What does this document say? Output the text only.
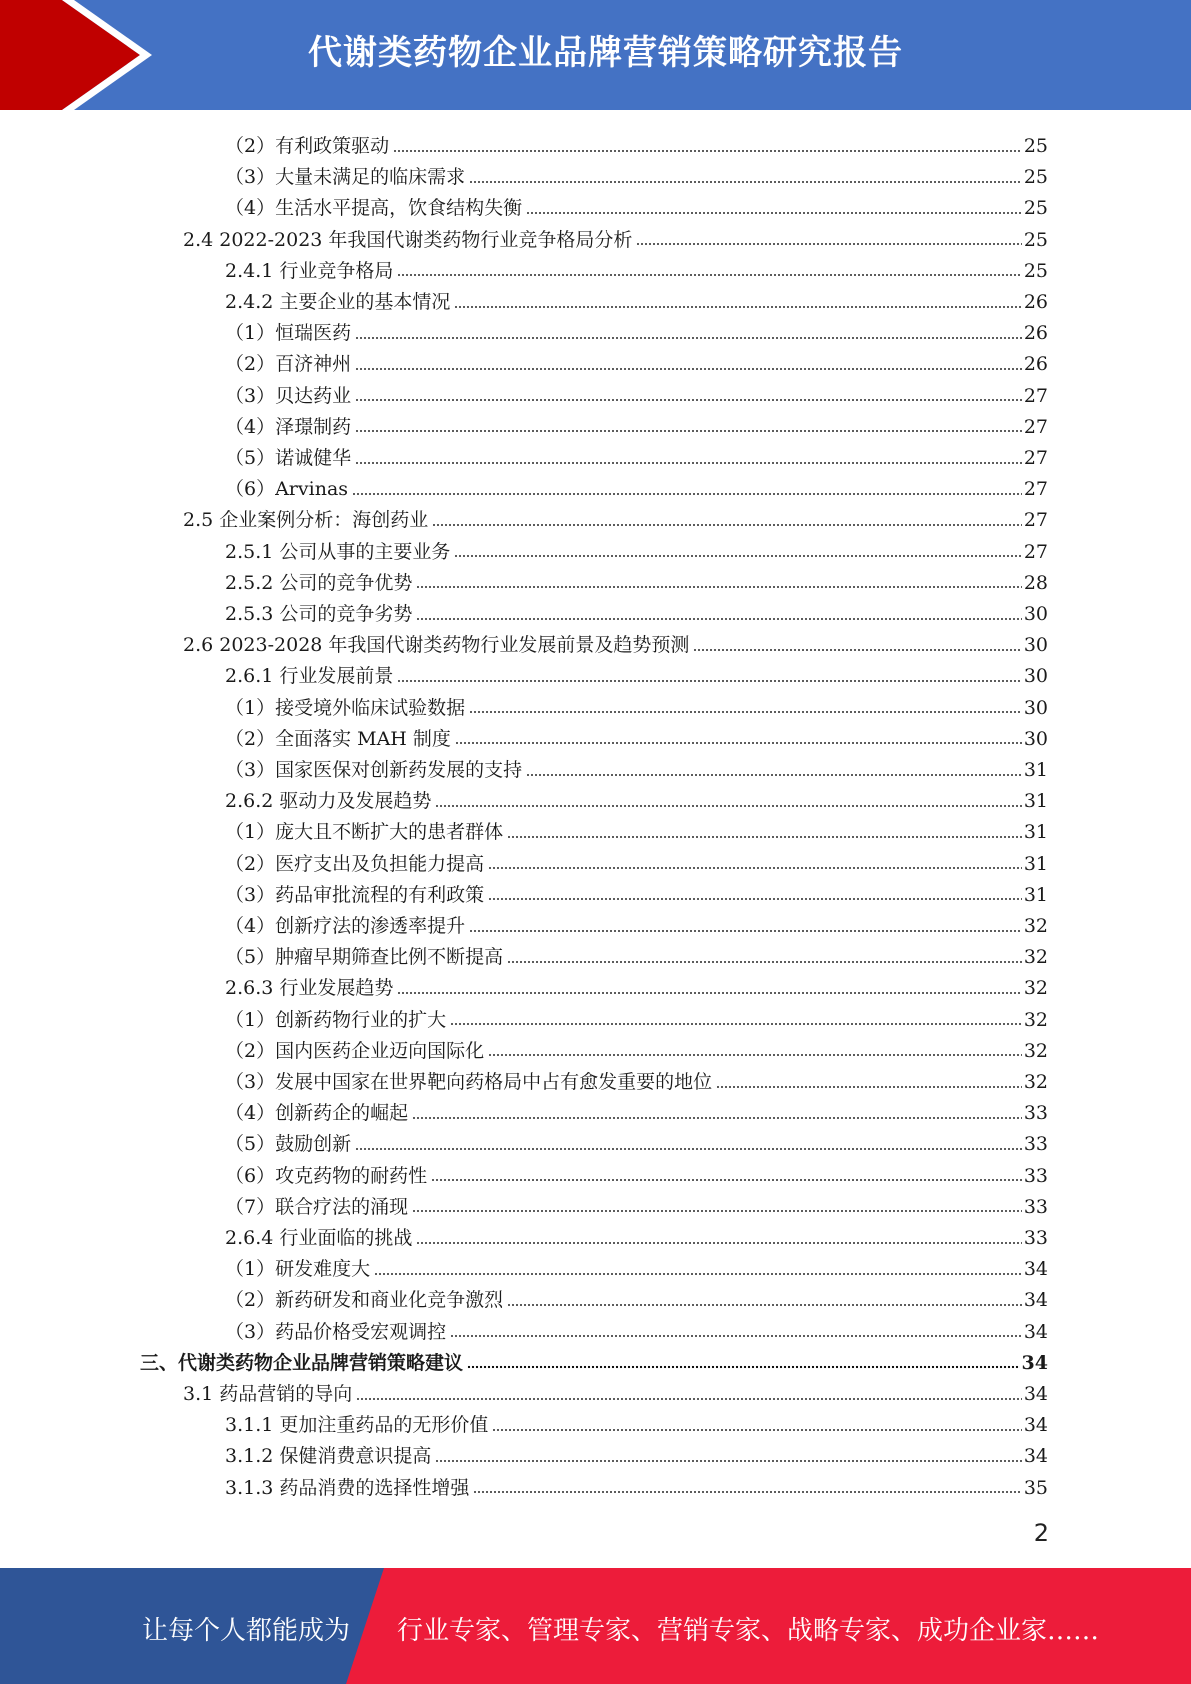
代谢类药物企业品牌营销策略研究报告
（2）有利政策驱动	25
（3）大量未满足的临床需求	25
（4）生活水平提高，饮食结构失衡	25
2.4 2022-2023 年我国代谢类药物行业竞争格局分析	25
2.4.1 行业竞争格局	25
2.4.2 主要企业的基本情况	26
（1）恒瑞医药	26
（2）百济神州	26
（3）贝达药业	27
（4）泽璟制药	27
（5）诺诚健华	27
（6）Arvinas	27
2.5 企业案例分析：海创药业	27
2.5.1 公司从事的主要业务	27
2.5.2 公司的竞争优势	28
2.5.3 公司的竞争劣势	30
2.6 2023-2028 年我国代谢类药物行业发展前景及趋势预测	30
2.6.1 行业发展前景	30
（1）接受境外临床试验数据	30
（2）全面落实 MAH 制度	30
（3）国家医保对创新药发展的支持	31
2.6.2 驱动力及发展趋势	31
（1）庞大且不断扩大的患者群体	31
（2）医疗支出及负担能力提高	31
（3）药品审批流程的有利政策	31
（4）创新疗法的渗透率提升	32
（5）肿瘤早期筛查比例不断提高	32
2.6.3 行业发展趋势	32
（1）创新药物行业的扩大	32
（2）国内医药企业迈向国际化	32
（3）发展中国家在世界靶向药格局中占有愈发重要的地位	32
（4）创新药企的崛起	33
（5）鼓励创新	33
（6）攻克药物的耐药性	33
（7）联合疗法的涌现	33
2.6.4 行业面临的挑战	33
（1）研发难度大	34
（2）新药研发和商业化竞争激烈	34
（3）药品价格受宏观调控	34
三、代谢类药物企业品牌营销策略建议	34
3.1 药品营销的导向	34
3.1.1 更加注重药品的无形价值	34
3.1.2 保健消费意识提高	34
3.1.3 药品消费的选择性增强	35
2
让每个人都能成为 行业专家、管理专家、营销专家、战略专家、成功企业家……
